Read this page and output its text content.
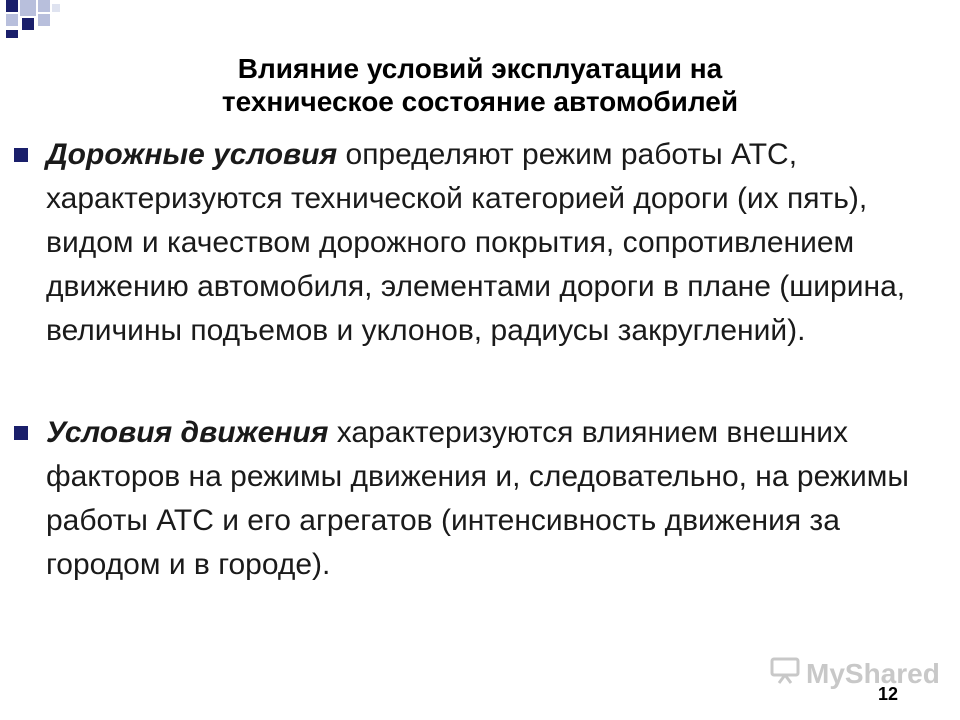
Влияние условий эксплуатации на
техническое состояние автомобилей
Дорожные условия определяют режим работы АТС, характеризуются технической категорией дороги (их пять), видом и качеством дорожного покрытия, сопротивлением движению автомобиля, элементами дороги в плане (ширина, величины подъемов и уклонов, радиусы закруглений).
Условия движения характеризуются влиянием внешних факторов на режимы движения и, следовательно, на режимы работы АТС и его агрегатов (интенсивность движения за городом и в городе).
MyShared
12
